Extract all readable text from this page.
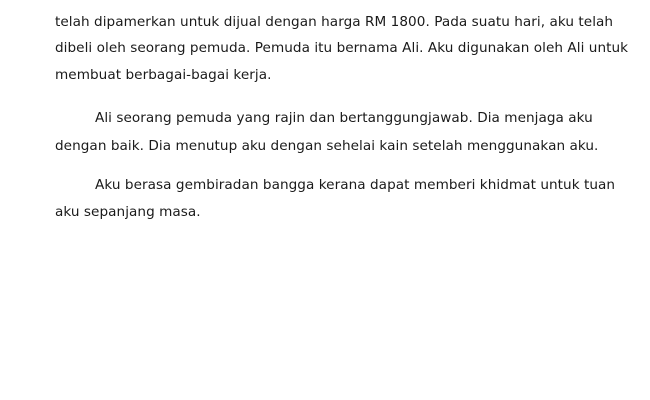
telah dipamerkan untuk dijual dengan harga RM 1800. Pada suatu hari, aku telah
dibeli oleh seorang pemuda. Pemuda itu bernama Ali. Aku digunakan oleh Ali untuk
membuat berbagai-bagai kerja.
Ali seorang pemuda yang rajin dan bertanggungjawab. Dia menjaga aku
dengan baik. Dia menutup aku dengan sehelai kain setelah menggunakan aku.
Aku berasa gembiradan bangga kerana dapat memberi khidmat untuk tuan
aku sepanjang masa.
